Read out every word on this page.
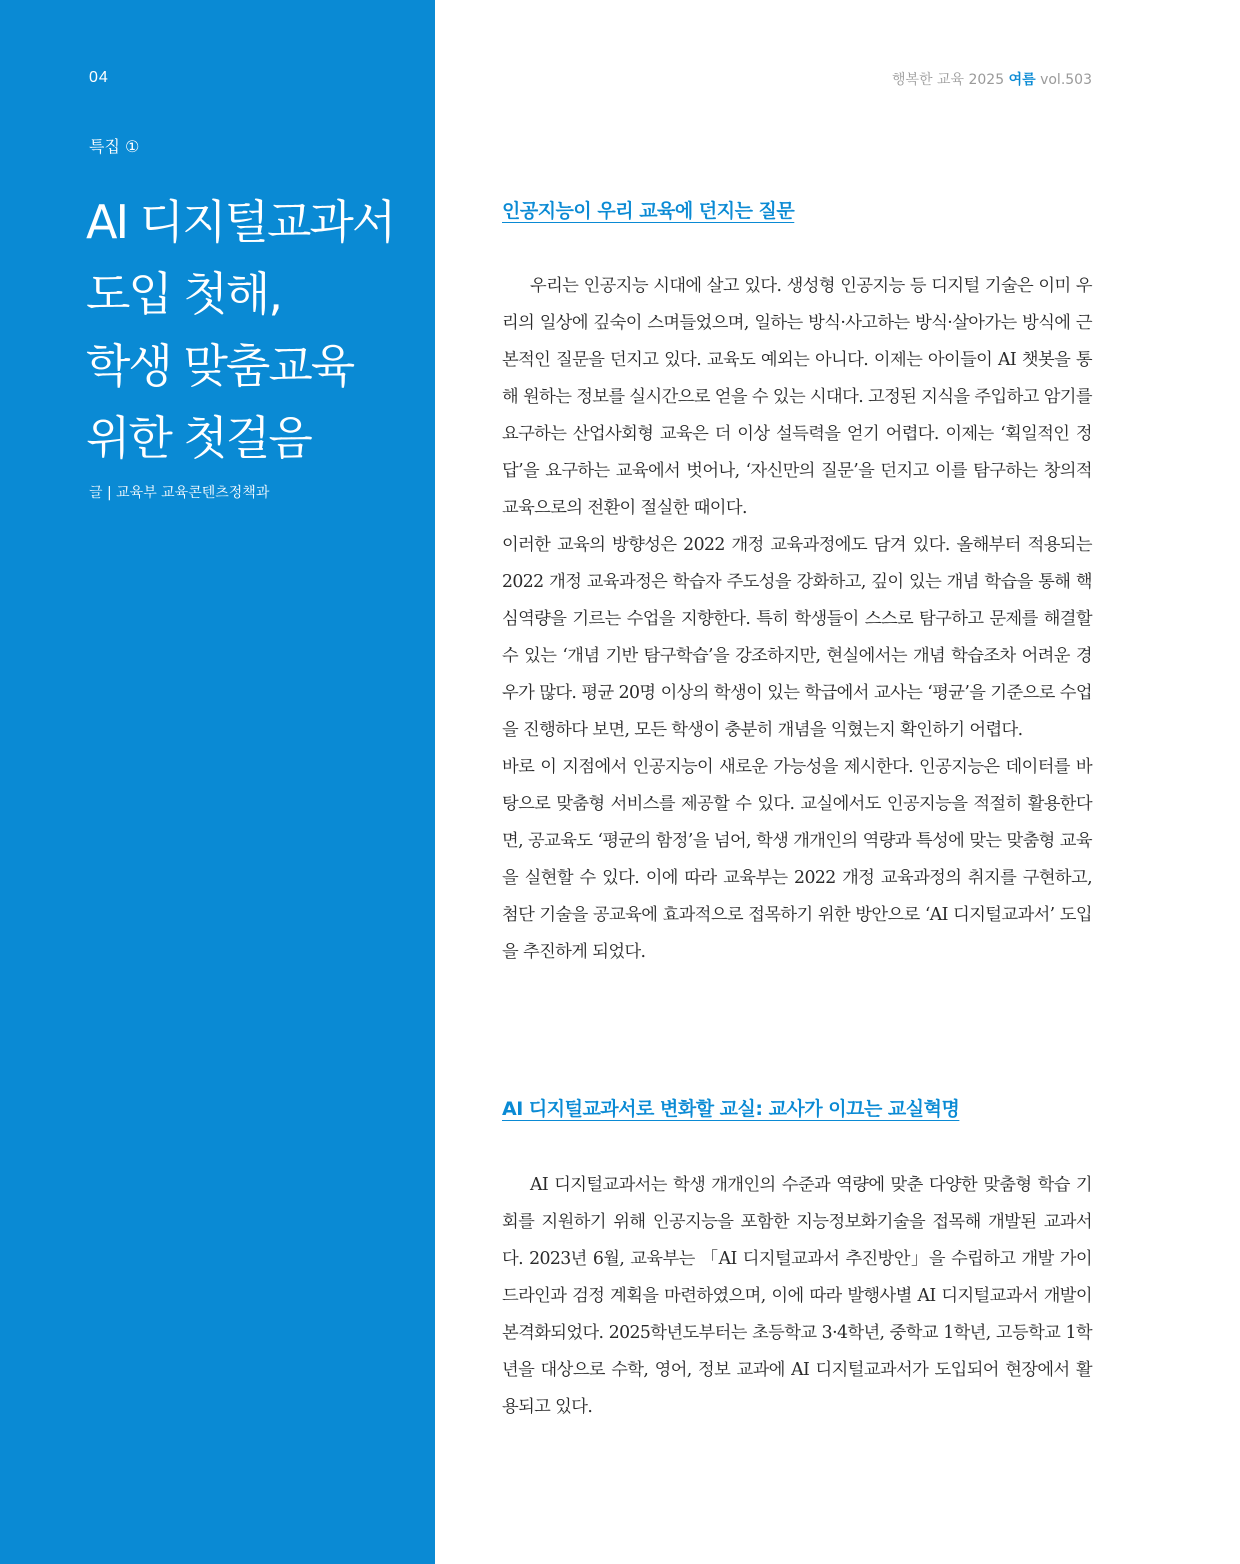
04
특집 ①
AI 디지털교과서
도입 첫해,
학생 맞춤교육
위한 첫걸음
글 | 교육부 교육콘텐츠정책과
행복한 교육 2025 여름 vol.503
인공지능이 우리 교육에 던지는 질문

우리는 인공지능 시대에 살고 있다. 생성형 인공지능 등 디지털 기술은 이미 우리의 일상에 깊숙이 스며들었으며, 일하는 방식·사고하는 방식·살아가는 방식에 근본적인 질문을 던지고 있다. 교육도 예외는 아니다. 이제는 아이들이 AI 챗봇을 통해 원하는 정보를 실시간으로 얻을 수 있는 시대다. 고정된 지식을 주입하고 암기를 요구하는 산업사회형 교육은 더 이상 설득력을 얻기 어렵다. 이제는 ‘획일적인 정답’을 요구하는 교육에서 벗어나, ‘자신만의 질문’을 던지고 이를 탐구하는 창의적 교육으로의 전환이 절실한 때이다.

이러한 교육의 방향성은 2022 개정 교육과정에도 담겨 있다. 올해부터 적용되는 2022 개정 교육과정은 학습자 주도성을 강화하고, 깊이 있는 개념 학습을 통해 핵심역량을 기르는 수업을 지향한다. 특히 학생들이 스스로 탐구하고 문제를 해결할 수 있는 ‘개념 기반 탐구학습’을 강조하지만, 현실에서는 개념 학습조차 어려운 경우가 많다. 평균 20명 이상의 학생이 있는 학급에서 교사는 ‘평균’을 기준으로 수업을 진행하다 보면, 모든 학생이 충분히 개념을 익혔는지 확인하기 어렵다.

바로 이 지점에서 인공지능이 새로운 가능성을 제시한다. 인공지능은 데이터를 바탕으로 맞춤형 서비스를 제공할 수 있다. 교실에서도 인공지능을 적절히 활용한다면, 공교육도 ‘평균의 함정’을 넘어, 학생 개개인의 역량과 특성에 맞는 맞춤형 교육을 실현할 수 있다. 이에 따라 교육부는 2022 개정 교육과정의 취지를 구현하고, 첨단 기술을 공교육에 효과적으로 접목하기 위한 방안으로 ‘AI 디지털교과서’ 도입을 추진하게 되었다.

AI 디지털교과서로 변화할 교실: 교사가 이끄는 교실혁명

AI 디지털교과서는 학생 개개인의 수준과 역량에 맞춘 다양한 맞춤형 학습 기회를 지원하기 위해 인공지능을 포함한 지능정보화기술을 접목해 개발된 교과서다. 2023년 6월, 교육부는 「AI 디지털교과서 추진방안」을 수립하고 개발 가이드라인과 검정 계획을 마련하였으며, 이에 따라 발행사별 AI 디지털교과서 개발이 본격화되었다. 2025학년도부터는 초등학교 3·4학년, 중학교 1학년, 고등학교 1학년을 대상으로 수학, 영어, 정보 교과에 AI 디지털교과서가 도입되어 현장에서 활용되고 있다.
